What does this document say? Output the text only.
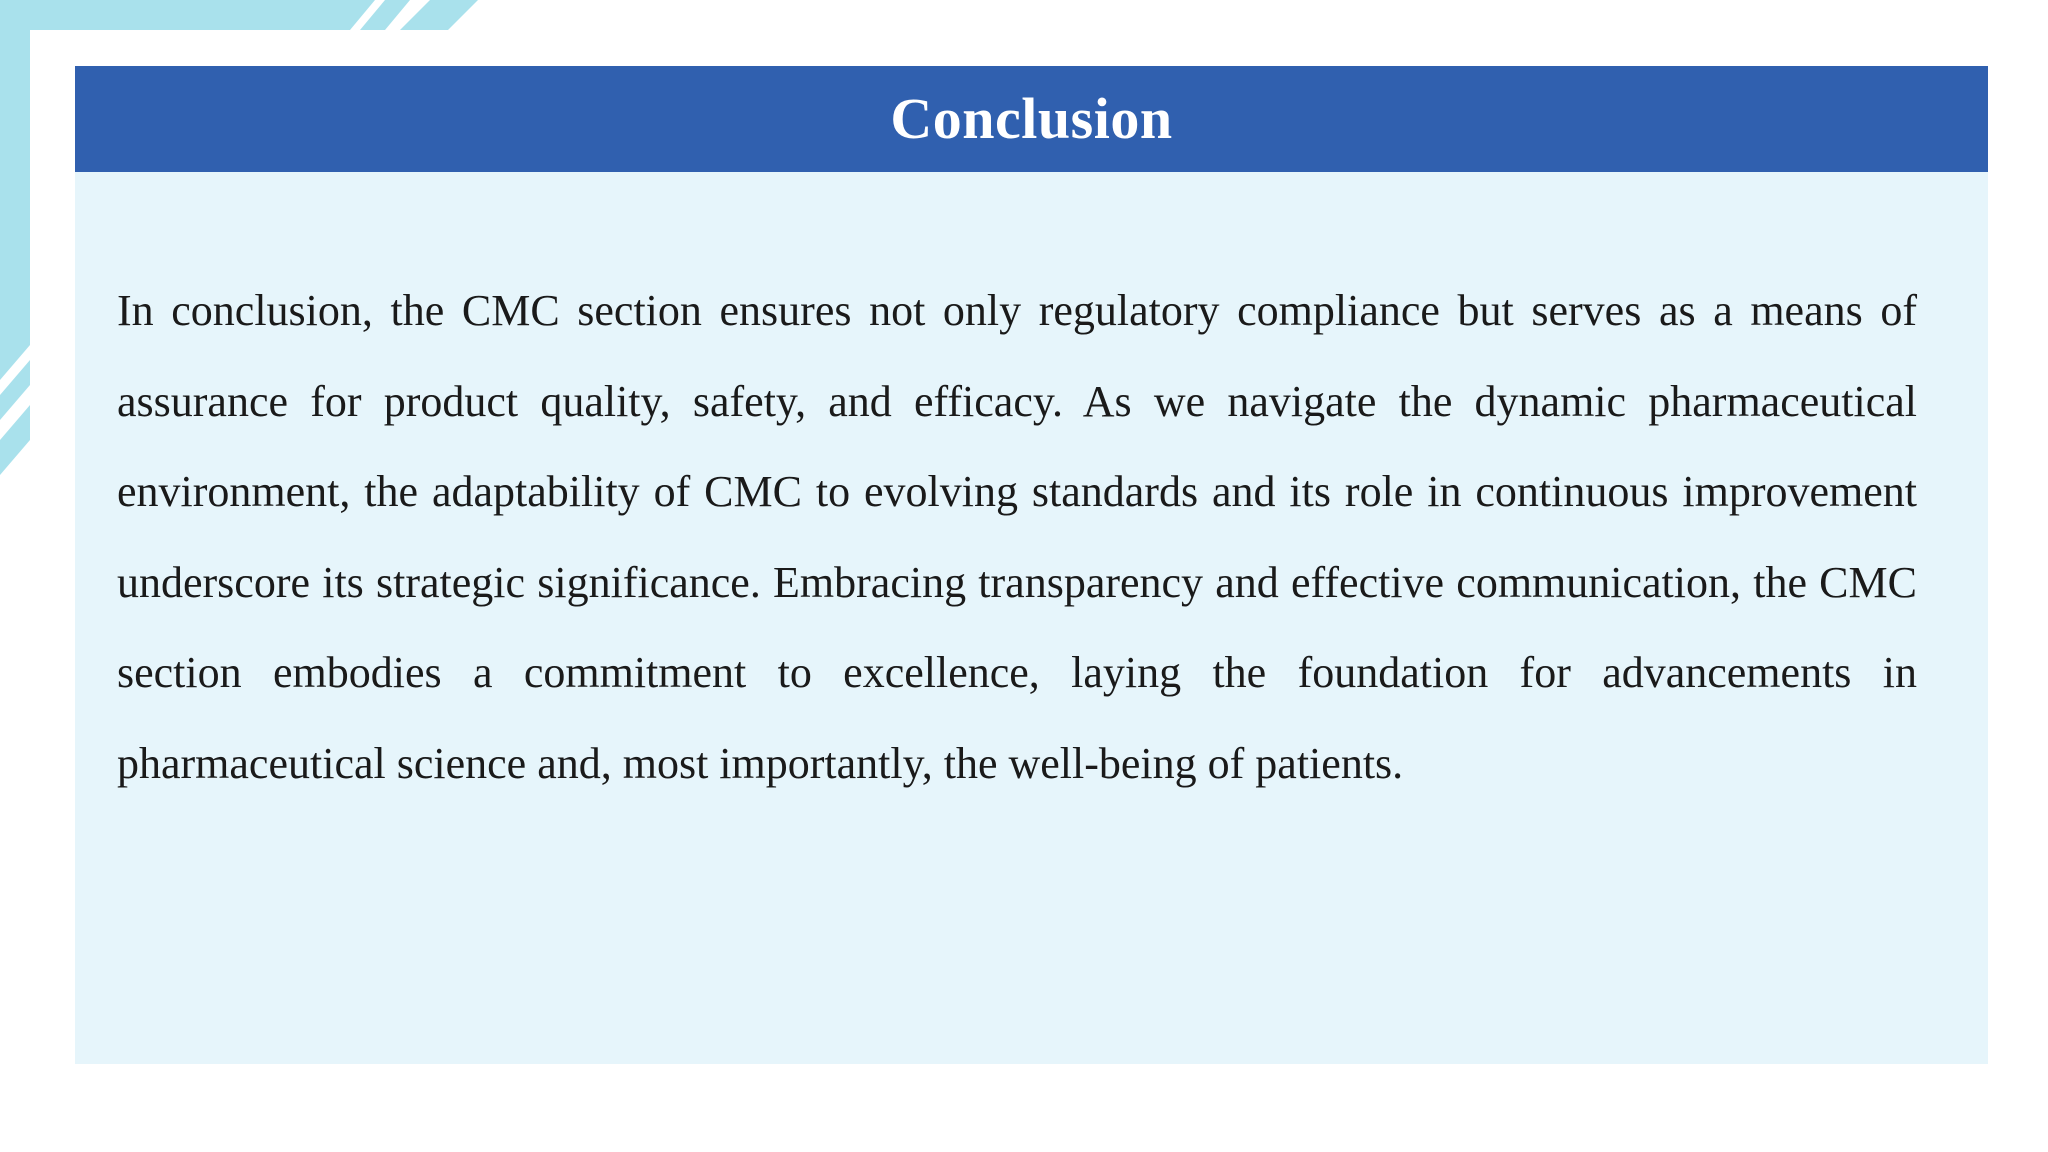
Conclusion

In conclusion, the CMC section ensures not only regulatory compliance but serves as a means of assurance for product quality, safety, and efficacy. As we navigate the dynamic pharmaceutical environment, the adaptability of CMC to evolving standards and its role in continuous improvement underscore its strategic significance. Embracing transparency and effective communication, the CMC section embodies a commitment to excellence, laying the foundation for advancements in pharmaceutical science and, most importantly, the well-being of patients.
